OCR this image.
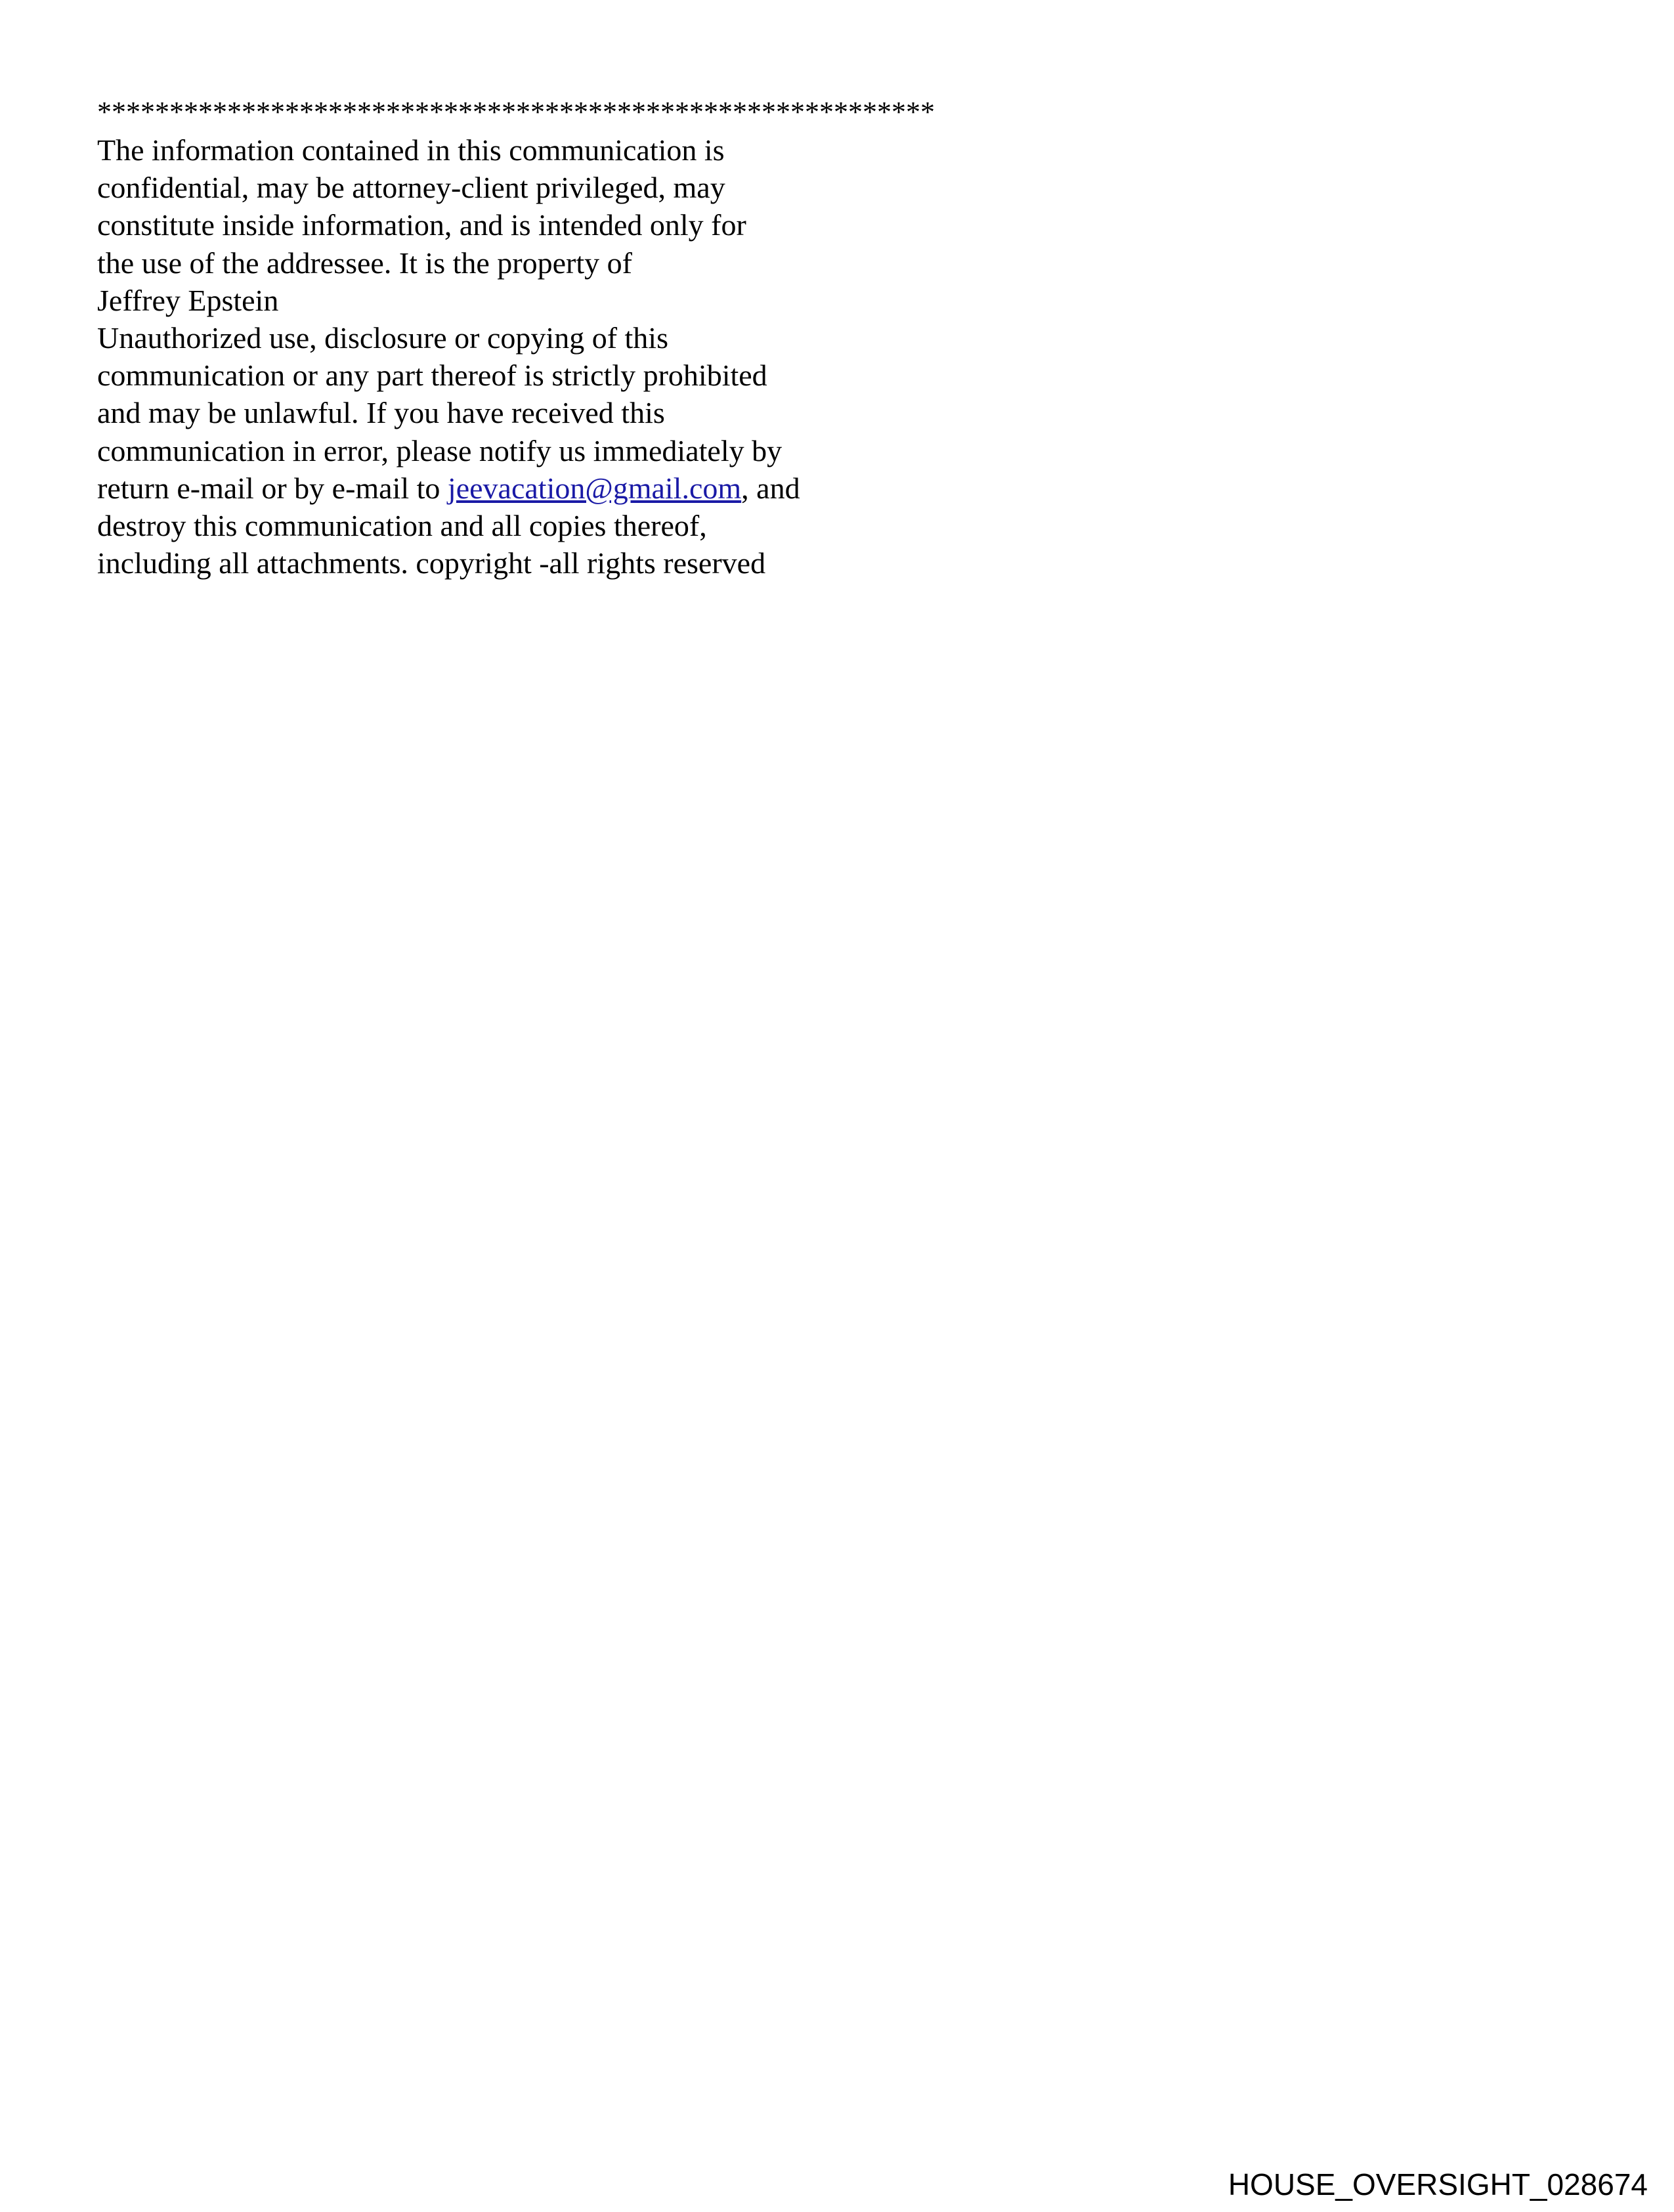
**********************************************************
The information contained in this communication is
confidential, may be attorney-client privileged, may
constitute inside information, and is intended only for
the use of the addressee. It is the property of
Jeffrey Epstein
Unauthorized use, disclosure or copying of this
communication or any part thereof is strictly prohibited
and may be unlawful. If you have received this
communication in error, please notify us immediately by
return e-mail or by e-mail to jeevacation@gmail.com, and
destroy this communication and all copies thereof,
including all attachments. copyright -all rights reserved
HOUSE_OVERSIGHT_028674
